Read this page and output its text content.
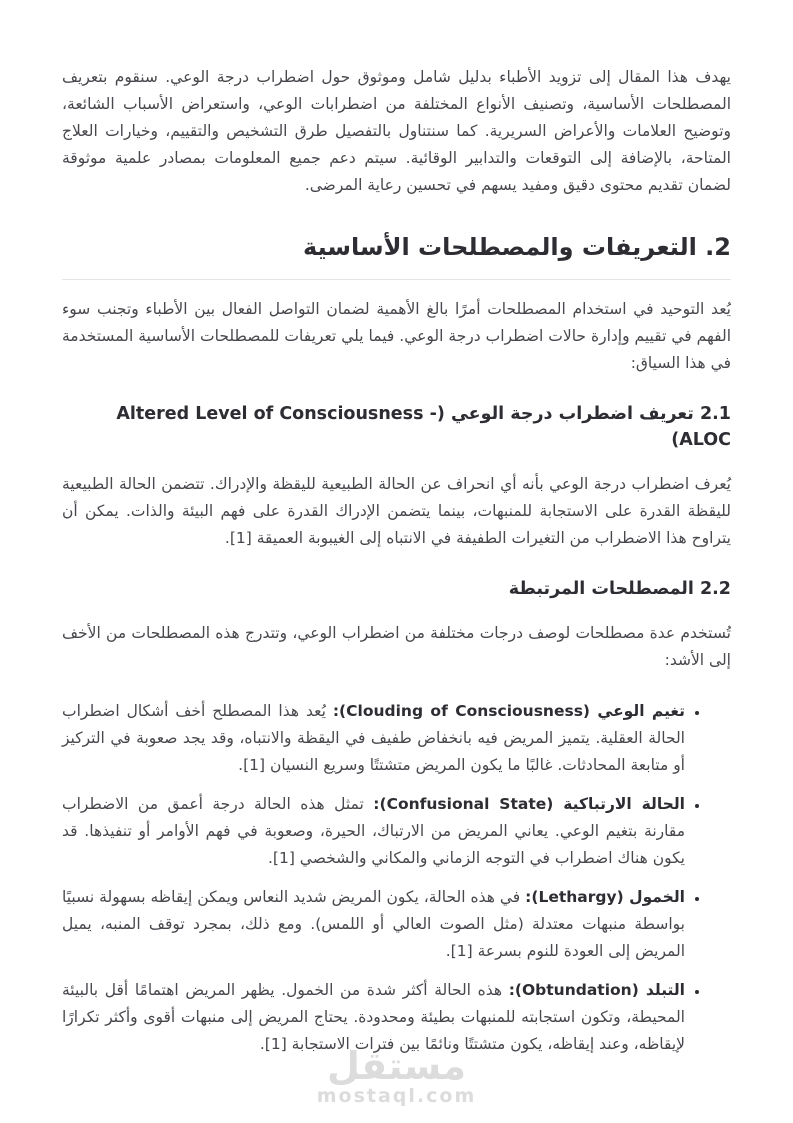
يهدف هذا المقال إلى تزويد الأطباء بدليل شامل وموثوق حول اضطراب درجة الوعي. سنقوم بتعريف المصطلحات الأساسية، وتصنيف الأنواع المختلفة من اضطرابات الوعي، واستعراض الأسباب الشائعة، وتوضيح العلامات والأعراض السريرية. كما سنتناول بالتفصيل طرق التشخيص والتقييم، وخيارات العلاج المتاحة، بالإضافة إلى التوقعات والتدابير الوقائية. سيتم دعم جميع المعلومات بمصادر علمية موثوقة لضمان تقديم محتوى دقيق ومفيد يسهم في تحسين رعاية المرضى.

2. التعريفات والمصطلحات الأساسية

يُعد التوحيد في استخدام المصطلحات أمرًا بالغ الأهمية لضمان التواصل الفعال بين الأطباء وتجنب سوء الفهم في تقييم وإدارة حالات اضطراب درجة الوعي. فيما يلي تعريفات للمصطلحات الأساسية المستخدمة في هذا السياق:

2.1 تعريف اضطراب درجة الوعي (Altered Level of Consciousness - ALOC)

يُعرف اضطراب درجة الوعي بأنه أي انحراف عن الحالة الطبيعية لليقظة والإدراك. تتضمن الحالة الطبيعية لليقظة القدرة على الاستجابة للمنبهات، بينما يتضمن الإدراك القدرة على فهم البيئة والذات. يمكن أن يتراوح هذا الاضطراب من التغيرات الطفيفة في الانتباه إلى الغيبوبة العميقة [1].

2.2 المصطلحات المرتبطة

تُستخدم عدة مصطلحات لوصف درجات مختلفة من اضطراب الوعي، وتتدرج هذه المصطلحات من الأخف إلى الأشد:

• تغيم الوعي (Clouding of Consciousness): يُعد هذا المصطلح أخف أشكال اضطراب الحالة العقلية. يتميز المريض فيه بانخفاض طفيف في اليقظة والانتباه، وقد يجد صعوبة في التركيز أو متابعة المحادثات. غالبًا ما يكون المريض متشتتًا وسريع النسيان [1].
• الحالة الارتباكية (Confusional State): تمثل هذه الحالة درجة أعمق من الاضطراب مقارنة بتغيم الوعي. يعاني المريض من الارتباك، الحيرة، وصعوبة في فهم الأوامر أو تنفيذها. قد يكون هناك اضطراب في التوجه الزماني والمكاني والشخصي [1].
• الخمول (Lethargy): في هذه الحالة، يكون المريض شديد النعاس ويمكن إيقاظه بسهولة نسبيًا بواسطة منبهات معتدلة (مثل الصوت العالي أو اللمس). ومع ذلك، بمجرد توقف المنبه، يميل المريض إلى العودة للنوم بسرعة [1].
• التبلد (Obtundation): هذه الحالة أكثر شدة من الخمول. يظهر المريض اهتمامًا أقل بالبيئة المحيطة، وتكون استجابته للمنبهات بطيئة ومحدودة. يحتاج المريض إلى منبهات أقوى وأكثر تكرارًا لإيقاظه، وعند إيقاظه، يكون متشتتًا ونائمًا بين فترات الاستجابة [1].
مستقل
mostaql.com
